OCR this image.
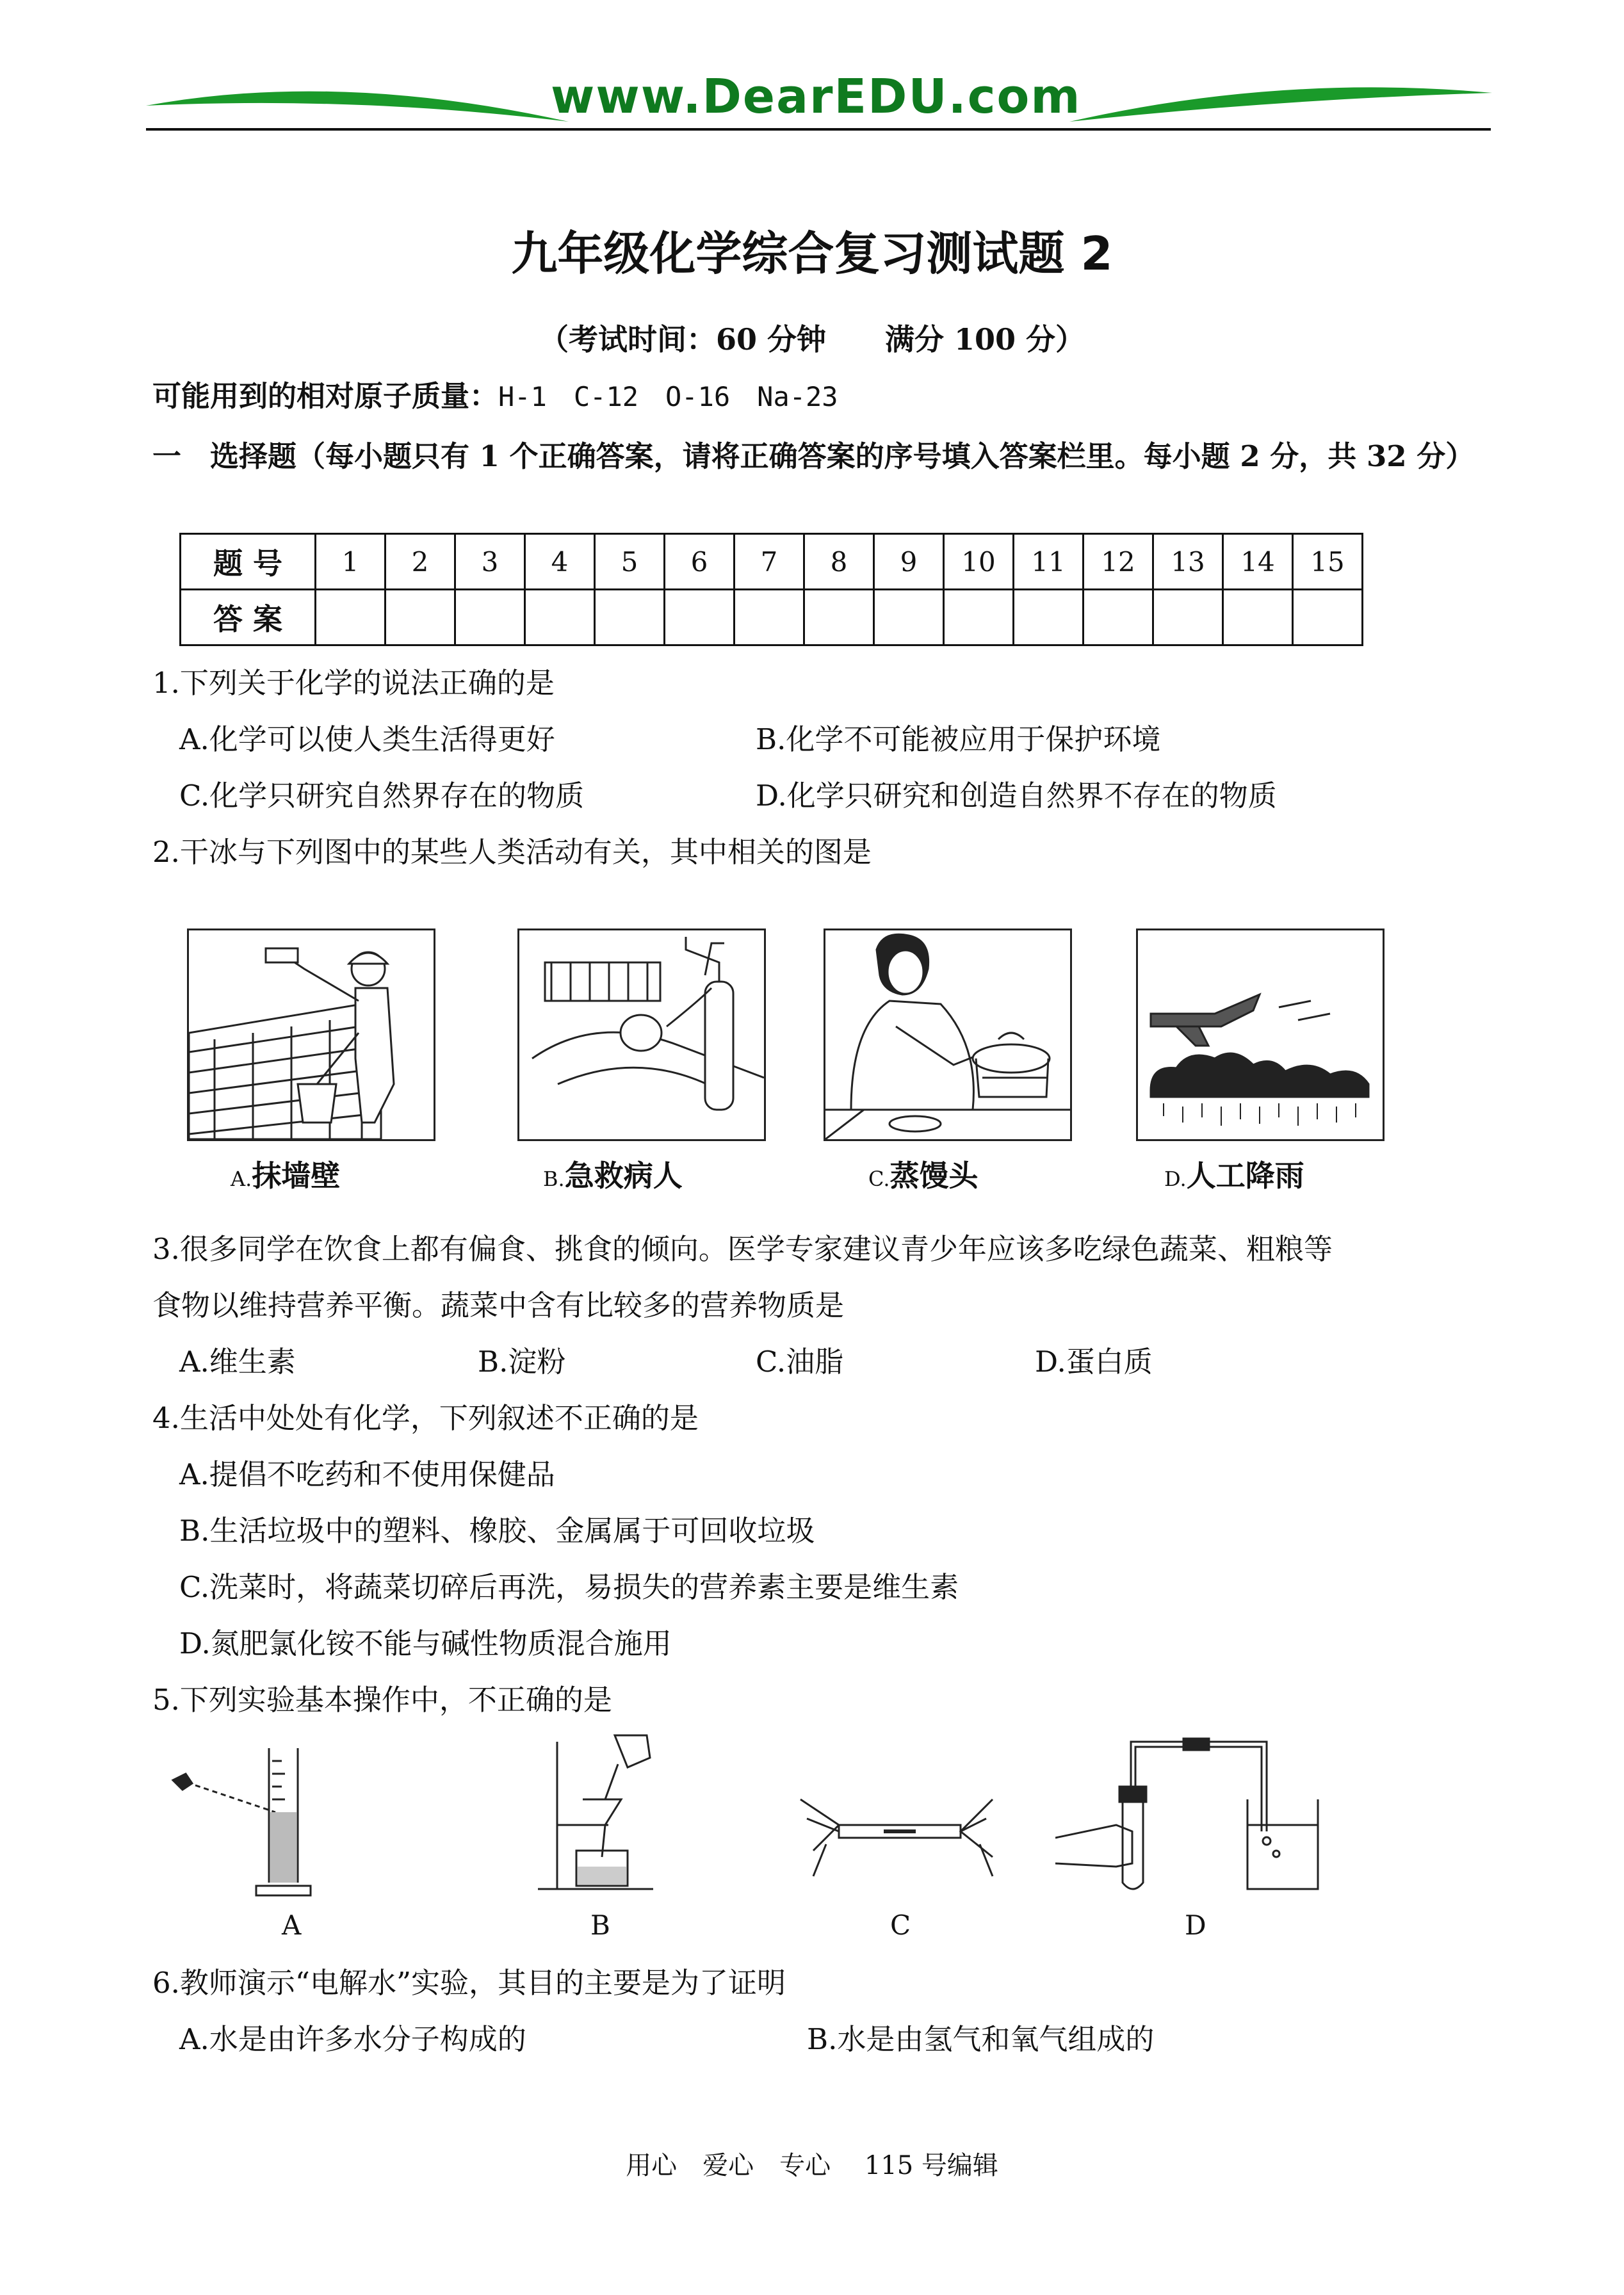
www.DearEDU.com
九年级化学综合复习测试题 2
（考试时间：60 分钟　　满分 100 分）
可能用到的相对原子质量：H-1　C-12　O-16　Na-23
一　选择题（每小题只有 1 个正确答案，请将正确答案的序号填入答案栏里。每小题 2 分，共 32 分）
题 号	1	2	3	4	5	6	7	8	9	10	11	12	13	14	15
答 案															
1.下列关于化学的说法正确的是
A.化学可以使人类生活得更好	B.化学不可能被应用于保护环境
C.化学只研究自然界存在的物质	D.化学只研究和创造自然界不存在的物质
2.干冰与下列图中的某些人类活动有关，其中相关的图是
A.抹墙壁	B.急救病人	C.蒸馒头	D.人工降雨
3.很多同学在饮食上都有偏食、挑食的倾向。医学专家建议青少年应该多吃绿色蔬菜、粗粮等
食物以维持营养平衡。蔬菜中含有比较多的营养物质是
A.维生素	B.淀粉	C.油脂	D.蛋白质
4.生活中处处有化学，下列叙述不正确的是
A.提倡不吃药和不使用保健品
B.生活垃圾中的塑料、橡胶、金属属于可回收垃圾
C.洗菜时，将蔬菜切碎后再洗，易损失的营养素主要是维生素
D.氮肥氯化铵不能与碱性物质混合施用
5.下列实验基本操作中，不正确的是
A	B	C	D
6.教师演示“电解水”实验，其目的主要是为了证明
A.水是由许多水分子构成的	B.水是由氢气和氧气组成的
用心　爱心　专心　 115 号编辑
